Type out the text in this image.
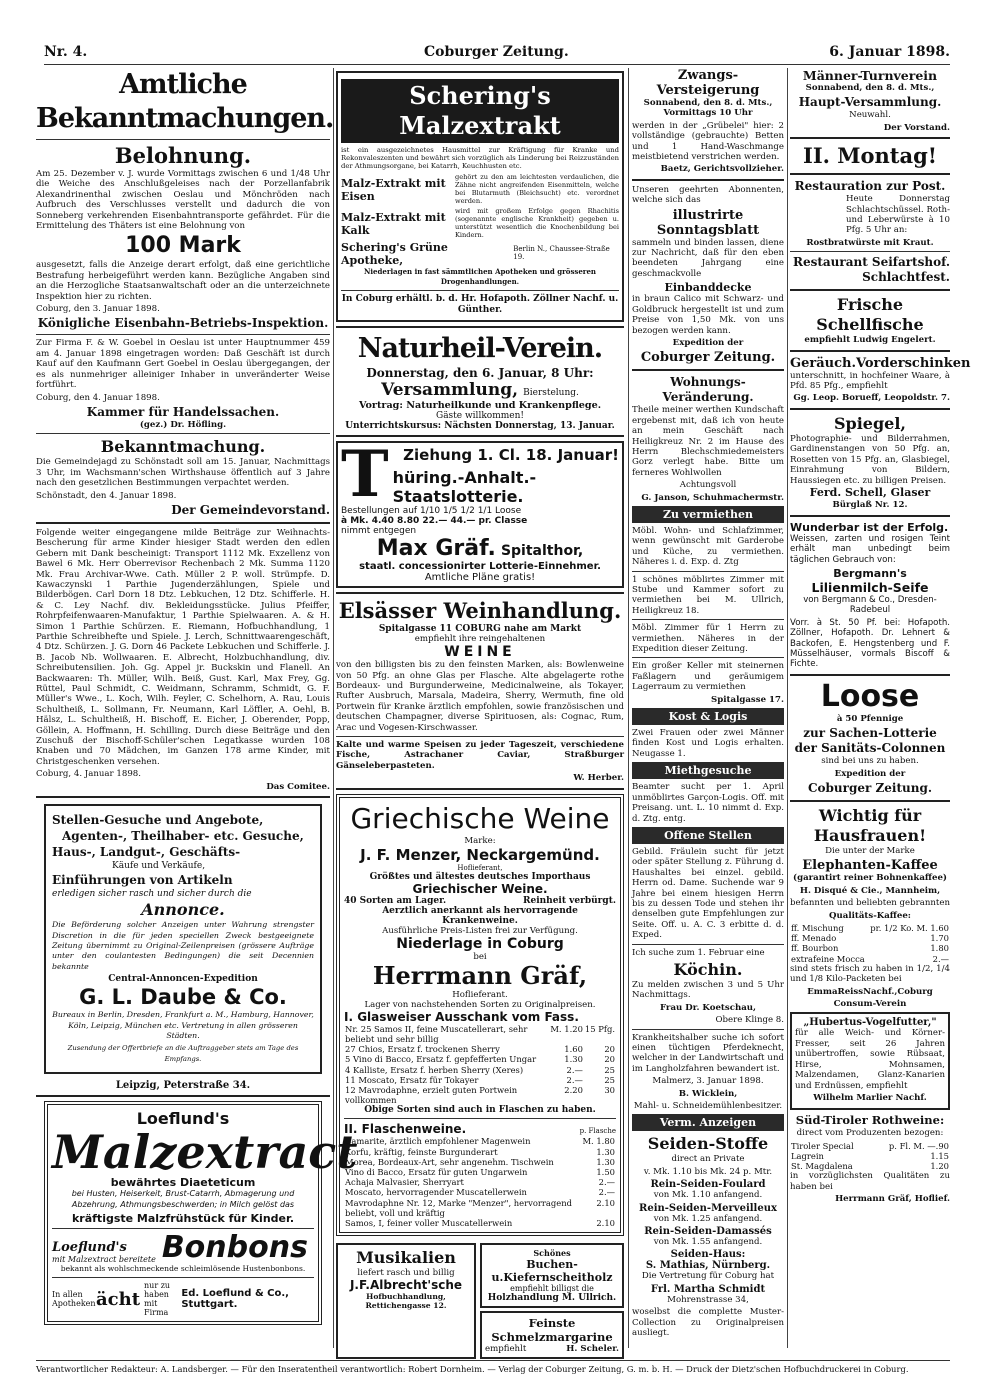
Nr. 4.	Coburger Zeitung.	6. Januar 1898.
Amtliche Bekanntmachungen.
Belohnung.

Am 25. Dezember v. J. wurde Vormittags zwischen 6 und 1/48 Uhr die Weiche des Anschlußgeleises nach der Porzellanfabrik Alexandrinenthal zwischen Oeslau und Mönchröden nach Aufbruch des Verschlusses verstellt und dadurch die von Sonneberg verkehrenden Eisenbahntransporte gefährdet. Für die Ermittelung des Thäters ist eine Belohnung von

100 Mark

ausgesetzt, falls die Anzeige derart erfolgt, daß eine gerichtliche Bestrafung herbeigeführt werden kann. Bezügliche Angaben sind an die Herzogliche Staatsanwaltschaft oder an die unterzeichnete Inspektion hier zu richten.

Coburg, den 3. Januar 1898.

Königliche Eisenbahn-Betriebs-Inspektion.

Zur Firma F. & W. Goebel in Oeslau ist unter Hauptnummer 459 am 4. Januar 1898 eingetragen worden: Daß Geschäft ist durch Kauf auf den Kaufmann Gert Goebel in Oeslau übergegangen, der es als nunmehriger alleiniger Inhaber in unveränderter Weise fortführt.

Coburg, den 4. Januar 1898.

Kammer für Handelssachen.

(gez.) Dr. Höfling.

Bekanntmachung.

Die Gemeindejagd zu Schönstadt soll am 15. Januar, Nachmittags 3 Uhr, im Wachsmann'schen Wirthshause öffentlich auf 3 Jahre nach den gesetzlichen Bestimmungen verpachtet werden.

Schönstadt, den 4. Januar 1898.

Der Gemeindevorstand.

Folgende weiter eingegangene milde Beiträge zur Weihnachts-Bescherung für arme Kinder hiesiger Stadt werden den edlen Gebern mit Dank bescheinigt: Transport 1112 Mk. Exzellenz von Bawel 6 Mk. Herr Oberrevisor Rechenbach 2 Mk. Summa 1120 Mk. Frau Archivar-Wwe. Cath. Müller 2 P. woll. Strümpfe. D. Kawaczynski 1 Parthie Jugenderzählungen, Spiele und Bilderbögen. Carl Dorn 18 Dtz. Lebkuchen, 12 Dtz. Schifferle. H. & C. Ley Nachf. div. Bekleidungsstücke. Julius Pfeiffer, Rohrpfeifenwaaren-Manufaktur, 1 Parthie Spielwaaren. A. & H. Simon 1 Parthie Schürzen. E. Riemann, Hofbuchhandlung, 1 Parthie Schreibhefte und Spiele. J. Lerch, Schnittwaarengeschäft, 4 Dtz. Schürzen. J. G. Dorn 46 Packete Lebkuchen und Schifferle. J. B. Jacob Nb. Wollwaaren. E. Albrecht, Holzbuchhandlung, div. Schreibutensilien. Joh. Gg. Appel jr. Buckskin und Flanell. An Backwaaren: Th. Müller, Wilh. Beiß, Gust. Karl, Max Frey, Gg. Rüttel, Paul Schmidt, C. Weidmann, Schramm, Schmidt, G. F. Müller's Wwe., L. Koch, Wilh. Feyler, C. Schelhorn, A. Rau, Louis Schultheiß, L. Sollmann, Fr. Neumann, Karl Löffler, A. Oehl, B. Hälsz, L. Schultheiß, H. Bischoff, E. Eicher, J. Oberender, Popp, Göllein, A. Hoffmann, H. Schilling. Durch diese Beiträge und den Zuschuß der Bischoff-Schüler'schen Legatkasse wurden 108 Knaben und 70 Mädchen, im Ganzen 178 arme Kinder, mit Christgeschenken versehen.

Coburg, 4. Januar 1898.

Das Comitee.

Stellen-Gesuche und Angebote,
Agenten-, Theilhaber- etc. Gesuche,
Haus-, Landgut-, Geschäfts-
Käufe und Verkäufe,
Einführungen von Artikeln
erledigen sicher rasch und sicher durch die
Annonce.

Die Beförderung solcher Anzeigen unter Wahrung strengster Discretion in die für jeden speciellen Zweck bestgeeignete Zeitung übernimmt zu Original-Zeilenpreisen (grössere Aufträge unter den coulantesten Bedingungen) die seit Decennien bekannte

Central-Annoncen-Expedition
G. L. Daube & Co.

Bureaux in Berlin, Dresden, Frankfurt a. M., Hamburg, Hannover, Köln, Leipzig, München etc. Vertretung in allen grösseren Städten.

Zusendung der Offertbriefe an die Auftraggeber stets am Tage des Empfangs.

Leipzig, Peterstraße 34.
Loeflund's
Malzextract
bewährtes Diaeteticum

bei Husten, Heiserkeit, Brust-Catarrh, Abmagerung und Abzehrung, Athmungsbeschwerden; in Milch gelöst das

kräftigste Malzfrühstück für Kinder.
Loeflund's
mit Malzextract bereitete Bonbons

bekannt als wohlschmeckende schleimlösende Hustenbonbons.

In allen Apotheken ächt
nur zu haben mit Firma
Ed. Loeflund & Co., Stuttgart.
Schering's Malzextrakt

ist ein ausgezeichnetes Hausmittel zur Kräftigung für Kranke und Rekonvaleszenten und bewährt sich vorzüglich als Linderung bei Reizzuständen der Athmungsorgane, bei Katarrh, Keuchhusten etc.

Malz-Extrakt mit Eisen

gehört zu den am leichtesten verdaulichen, die Zähne nicht angreifenden Eisenmitteln, welche bei Blutarmuth (Bleichsucht) etc. verordnet werden.

Malz-Extrakt mit Kalk

wird mit großem Erfolge gegen Rhachitis (sogenannte englische Krankheit) gegeben u. unterstützt wesentlich die Knochenbildung bei Kindern.

Schering's Grüne Apotheke,
Berlin N., Chaussee-Straße 19.

Niederlagen in fast sämmtlichen Apotheken und grösseren Drogenhandlungen.

In Coburg erhältl. b. d. Hr. Hofapoth. Zöllner Nachf. u. Günther.

Naturheil-Verein.
Donnerstag, den 6. Januar, 8 Uhr:
Versammlung, Bierstelung.
Vortrag: Naturheilkunde und Krankenpflege.
Gäste willkommen!
Unterrichtskursus: Nächsten Donnerstag, 13. Januar.
T Ziehung 1. Cl. 18. Januar!
hüring.-Anhalt.-Staatslotterie.
Bestellungen auf 1/10 1/5 1/2 1/1 Loose
à Mk. 4.40 8.80 22.— 44.— pr. Classe
nimmt entgegen
Max Gräf. Spitalthor,
staatl. concessionirter Lotterie-Einnehmer.
Amtliche Pläne gratis!
Elsässer Weinhandlung.
Spitalgasse 11 COBURG nahe am Markt
empfiehlt ihre reingehaltenen
WEINE

von den billigsten bis zu den feinsten Marken, als: Bowlenweine von 50 Pfg. an ohne Glas per Flasche. Alte abgelagerte rothe Bordeaux- und Burgunderweine, Medicinalweine, als Tokayer, Rufter Ausbruch, Marsala, Madeira, Sherry, Wermuth, fine old Portwein für Kranke ärztlich empfohlen, sowie französischen und deutschen Champagner, diverse Spirituosen, als: Cognac, Rum, Arac und Vogesen-Kirschwasser.

Kalte und warme Speisen zu jeder Tageszeit, verschiedene Fische, Astrachaner Caviar, Straßburger Gänseleberpasteten.

W. Herber.

Griechische Weine
Marke:
J. F. Menzer, Neckargemünd.
Hoflieferant,
Größtes und ältestes deutsches Importhaus
Griechischer Weine.
40 Sorten am Lager.	Reinheit verbürgt.
Aerztlich anerkannt als hervorragende Krankenweine.
Ausführliche Preis-Listen frei zur Verfügung.
Niederlage in Coburg
bei
Herrmann Gräf,
Hoflieferant.
Lager von nachstehenden Sorten zu Originalpreisen.
I. Glasweiser Ausschank vom Fass.
Nr. 25 Samos II, feine Muscatellerart, sehr beliebt und sehr billig	M. 1.20	15 Pfg.
27 Chios, Ersatz f. trockenen Sherry	1.60	20
5 Vino di Bacco, Ersatz f. gepfefferten Ungar	1.30	20
4 Kalliste, Ersatz f. herben Sherry (Xeres)	2.—	25
11 Moscato, Ersatz für Tokayer	2.—	25
12 Mavrodaphne, erzielt guten Portwein vollkommen	2.20	30
Obige Sorten sind auch in Flaschen zu haben.
II. Flaschenweine.	p. Flasche
Camarite, ärztlich empfohlener Magenwein	M. 1.80
Korfu, kräftig, feinste Burgunderart	1.30
Morea, Bordeaux-Art, sehr angenehm. Tischwein	1.30
Vino di Bacco, Ersatz für guten Ungarwein	1.50
Achaja Malvasier, Sherryart	2.—
Moscato, hervorragender Muscatellerwein	2.—
Mavrodaphne Nr. 12, Marke "Menzer", hervorragend beliebt, voll und kräftig	2.10
Samos, I, feiner voller Muscatellerwein	2.10
Musikalien
liefert rasch und billig
J.F.Albrecht'sche
Hofbuchhandlung, Rettichengasse 12.
Schönes
Buchen-u.Kiefernscheitholz
empfiehlt billigst die
Holzhandlung M. Ullrich.
Feinste Schmelzmargarine
empfiehlt	H. Scheler.
Zwangs-Versteigerung

Sonnabend, den 8. d. Mts., Vormittags 10 Uhr

werden in der „Grübelei" hier: 2 vollständige (gebrauchte) Betten und 1 Hand-Waschmange meistbietend verstrichen werden.

Baetz, Gerichtsvollzieher.

Unseren geehrten Abonnenten, welche sich das

illustrirte Sonntagsblatt

sammeln und binden lassen, diene zur Nachricht, daß für den eben beendeten Jahrgang eine geschmackvolle

Einbanddecke

in braun Calico mit Schwarz- und Goldbruck hergestellt ist und zum Preise von 1,50 Mk. von uns bezogen werden kann.

Expedition der

Coburger Zeitung.
Wohnungs-Veränderung.

Theile meiner werthen Kundschaft ergebenst mit, daß ich von heute an mein Geschäft nach Heiligkreuz Nr. 2 im Hause des Herrn Blechschmiedemeisters Gorz verlegt habe. Bitte um ferneres Wohlwollen

Achtungsvoll

G. Janson, Schuhmachermstr.

Zu vermiethen

Möbl. Wohn- und Schlafzimmer, wenn gewünscht mit Garderobe und Küche, zu vermiethen. Näheres i. d. Exp. d. Ztg

1 schönes möblirtes Zimmer mit Stube und Kammer sofort zu vermiethen bei M. Ullrich, Heiligkreuz 18.

Möbl. Zimmer für 1 Herrn zu vermiethen. Näheres in der Expedition dieser Zeitung.

Ein großer Keller mit steinernen Faßlagern und geräumigem Lagerraum zu vermiethen

Spitalgasse 17.

Kost & Logis

Zwei Frauen oder zwei Männer finden Kost und Logis erhalten. Neugasse 1.

Miethgesuche

Beamter sucht per 1. April unmöblirtes Garçon-Logis. Off. mit Preisang. unt. L. 10 nimmt d. Exp. d. Ztg. entg.

Offene Stellen

Gebild. Fräulein sucht für jetzt oder später Stellung z. Führung d. Haushaltes bei einzel. gebild. Herrn od. Dame. Suchende war 9 Jahre bei einem hiesigen Herrn bis zu dessen Tode und stehen ihr denselben gute Empfehlungen zur Seite. Off. u. A. C. 3 erbitte d. d. Exped.

Ich suche zum 1. Februar eine

Köchin.

Zu melden zwischen 3 und 5 Uhr Nachmittags.

Frau Dr. Koetschau,

Obere Klinge 8.

Krankheitshalber suche ich sofort einen tüchtigen Pferdeknecht, welcher in der Landwirtschaft und im Langholzfahren bewandert ist.

Malmerz, 3. Januar 1898.

B. Wicklein,

Mahl- u. Schneidemühlenbesitzer.

Verm. Anzeigen
Seiden-Stoffe

direct an Private

v. Mk. 1.10 bis Mk. 24 p. Mtr.

Rein-Seiden-Foulard

von Mk. 1.10 anfangend.

Rein-Seiden-Merveilleux

von Mk. 1.25 anfangend.

Rein-Seiden-Damassés

von Mk. 1.55 anfangend.

Seiden-Haus:
S. Mathias, Nürnberg.

Die Vertretung für Coburg hat

Frl. Martha Schmidt

Mohrenstrasse 34,

woselbst die complette Muster-Collection zu Originalpreisen ausliegt.

Männer-Turnverein

Sonnabend, den 8. d. Mts.,

Haupt-Versammlung.

Neuwahl.

Der Vorstand.

II. Montag!
Restauration zur Post.

Heute Donnerstag Schlachtschüssel. Roth- und Leberwürste à 10 Pfg. 5 Uhr an:

Rostbratwürste mit Kraut.

Restaurant Seifartshof.
Schlachtfest.
Frische Schellfische

empfiehlt Ludwig Engelert.

Geräuch.Vorderschinken

unterschnitt, in hochfeiner Waare, à Pfd. 85 Pfg., empfiehlt

Gg. Leop. Borueff, Leopoldstr. 7.

Spiegel,

Photographie- und Bilderrahmen, Gardinenstangen von 50 Pfg. an, Rosetten von 15 Pfg. an, Glasbiegel, Einrahmung von Bildern, Haussiegen etc. zu billigen Preisen.

Ferd. Schell, Glaser

Bürglaß Nr. 12.

Wunderbar ist der Erfolg.

Weissen, zarten und rosigen Teint erhält man unbedingt beim täglichen Gebrauch von:

Bergmann's
Lilienmilch-Seife

von Bergmann & Co., Dresden-Radebeul

Vorr. à St. 50 Pf. bei: Hofapoth. Zöllner, Hofapoth. Dr. Lehnert & Backofen, E. Hengstenberg und F. Müsselhäuser, vormals Biscoff & Fichte.

Loose

à 50 Pfennige

zur Sachen-Lotterie der Sanitäts-Colonnen

sind bei uns zu haben.

Expedition der

Coburger Zeitung.
Wichtig für Hausfrauen!

Die unter der Marke

Elephanten-Kaffee

(garantirt reiner Bohnenkaffee)

H. Disqué & Cie., Mannheim,

befannten und beliebten gebrannten

Qualitäts-Kaffee:

ff. Mischung	pr. 1/2 Ko. M. 1.60
ff. Menado	1.70
ff. Bourbon	1.80
extrafeine Mocca	2.—

sind stets frisch zu haben in 1/2, 1/4 und 1/8 Kilo-Packeten bei

EmmaReissNachf.,Coburg

Consum-Verein

„Hubertus-Vogelfutter,"

für alle Weich- und Körner-Fresser, seit 26 Jahren unübertroffen, sowie Rübsaat, Hirse, Mohnsamen, Malzendamen, Glanz-Kanarien und Erdnüssen, empfiehlt

Wilhelm Marlier Nachf.

Süd-Tiroler Rothweine:

direct vom Produzenten bezogen:

Tiroler Special	p. Fl. M. —.90
Lagrein	1.15
St. Magdalena	1.20

in vorzüglichsten Qualitäten zu haben bei

Herrmann Gräf, Hoflief.

Verantwortlicher Redakteur: A. Landsberger. — Für den Inseratentheil verantwortlich: Robert Dornheim. — Verlag der Coburger Zeitung, G. m. b. H. — Druck der Dietz'schen Hofbuchdruckerei in Coburg.
